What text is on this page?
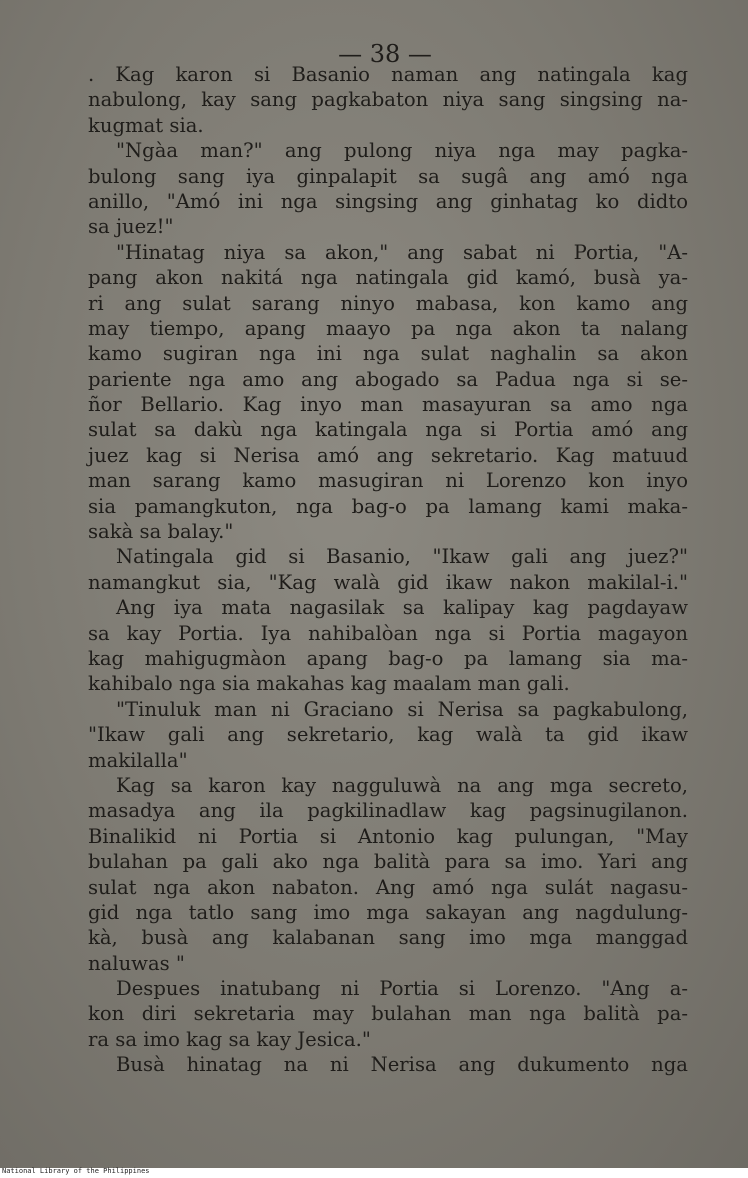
— 38 —
. Kag karon si Basanio naman ang natingala kag
nabulong, kay sang pagkabaton niya sang singsing na-
kugmat sia.
"Ngàa man?" ang pulong niya nga may pagka-
bulong sang iya ginpalapit sa sugâ ang amó nga
anillo, "Amó ini nga singsing ang ginhatag ko didto
sa juez!"
"Hinatag niya sa akon," ang sabat ni Portia, "A-
pang akon nakitá nga natingala gid kamó, busà ya-
ri ang sulat sarang ninyo mabasa, kon kamo ang
may tiempo, apang maayo pa nga akon ta nalang
kamo sugiran nga ini nga sulat naghalin sa akon
pariente nga amo ang abogado sa Padua nga si se-
ñor Bellario. Kag inyo man masayuran sa amo nga
sulat sa dakù nga katingala nga si Portia amó ang
juez kag si Nerisa amó ang sekretario. Kag matuud
man sarang kamo masugiran ni Lorenzo kon inyo
sia pamangkuton, nga bag-o pa lamang kami maka-
sakà sa balay."
Natingala gid si Basanio, "Ikaw gali ang juez?"
namangkut sia, "Kag walà gid ikaw nakon makilal-i."
Ang iya mata nagasilak sa kalipay kag pagdayaw
sa kay Portia. Iya nahibalòan nga si Portia magayon
kag mahigugmàon apang bag-o pa lamang sia ma-
kahibalo nga sia makahas kag maalam man gali.
"Tinuluk man ni Graciano si Nerisa sa pagkabulong,
"Ikaw gali ang sekretario, kag walà ta gid ikaw
makilalla"
Kag sa karon kay nagguluwà na ang mga secreto,
masadya ang ila pagkilinadlaw kag pagsinugilanon.
Binalikid ni Portia si Antonio kag pulungan, "May
bulahan pa gali ako nga balità para sa imo. Yari ang
sulat nga akon nabaton. Ang amó nga sulát nagasu-
gid nga tatlo sang imo mga sakayan ang nagdulung-
kà, busà ang kalabanan sang imo mga manggad
naluwas "
Despues inatubang ni Portia si Lorenzo. "Ang a-
kon diri sekretaria may bulahan man nga balità pa-
ra sa imo kag sa kay Jesica."
Busà hinatag na ni Nerisa ang dukumento nga
National Library of the Philippines
